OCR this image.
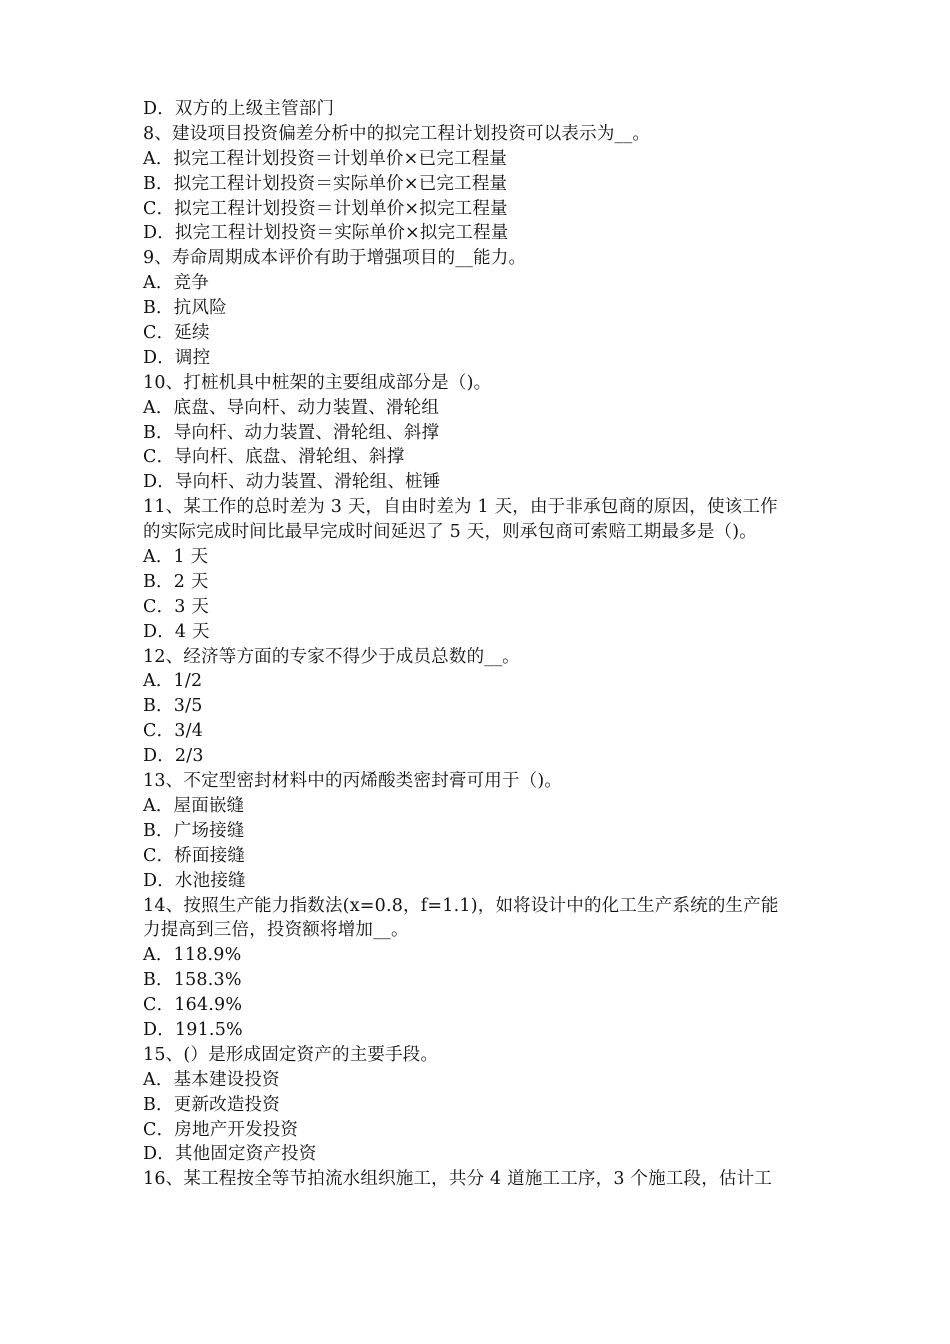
D．双方的上级主管部门
8、建设项目投资偏差分析中的拟完工程计划投资可以表示为__。
A．拟完工程计划投资＝计划单价×已完工程量
B．拟完工程计划投资＝实际单价×已完工程量
C．拟完工程计划投资＝计划单价×拟完工程量
D．拟完工程计划投资＝实际单价×拟完工程量
9、寿命周期成本评价有助于增强项目的__能力。
A．竞争
B．抗风险
C．延续
D．调控
10、打桩机具中桩架的主要组成部分是（)。
A．底盘、导向杆、动力装置、滑轮组
B．导向杆、动力装置、滑轮组、斜撑
C．导向杆、底盘、滑轮组、斜撑
D．导向杆、动力装置、滑轮组、桩锤
11、某工作的总时差为 3 天，自由时差为 1 天，由于非承包商的原因，使该工作
的实际完成时间比最早完成时间延迟了 5 天，则承包商可索赔工期最多是（)。
A．1 天
B．2 天
C．3 天
D．4 天
12、经济等方面的专家不得少于成员总数的__。
A．1/2
B．3/5
C．3/4
D．2/3
13、不定型密封材料中的丙烯酸类密封膏可用于（)。
A．屋面嵌缝
B．广场接缝
C．桥面接缝
D．水池接缝
14、按照生产能力指数法(x=0.8，f=1.1)，如将设计中的化工生产系统的生产能
力提高到三倍，投资额将增加__。
A．118.9%
B．158.3%
C．164.9%
D．191.5%
15、(）是形成固定资产的主要手段。
A．基本建设投资
B．更新改造投资
C．房地产开发投资
D．其他固定资产投资
16、某工程按全等节拍流水组织施工，共分 4 道施工工序，3 个施工段，估计工
